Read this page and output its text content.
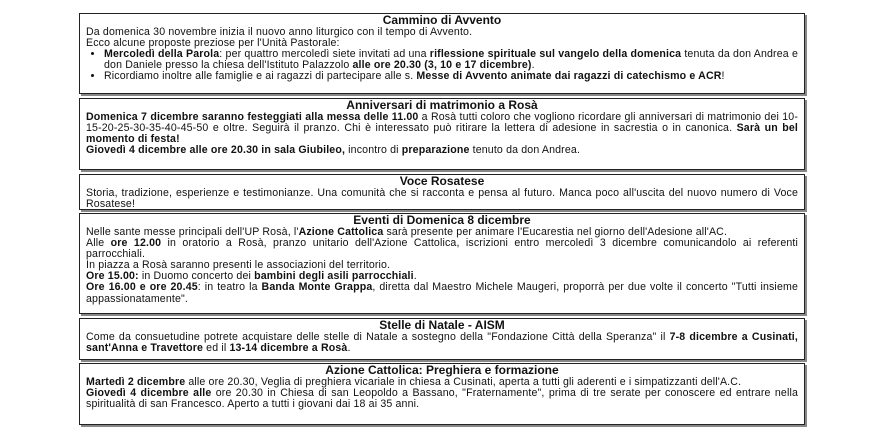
Cammino di Avvento

Da domenica 30 novembre inizia il nuovo anno liturgico con il tempo di Avvento.

Ecco alcune proposte preziose per l'Unità Pastorale:

• Mercoledì della Parola: per quattro mercoledì siete invitati ad una riflessione spirituale sul vangelo della domenica tenuta da don Andrea e don Daniele presso la chiesa dell'Istituto Palazzolo alle ore 20.30 (3, 10 e 17 dicembre).
• Ricordiamo inoltre alle famiglie e ai ragazzi di partecipare alle s. Messe di Avvento animate dai ragazzi di catechismo e ACR!
Anniversari di matrimonio a Rosà

Domenica 7 dicembre saranno festeggiati alla messa delle 11.00 a Rosà tutti coloro che vogliono ricordare gli anniversari di matrimonio dei 10-15-20-25-30-35-40-45-50 e oltre. Seguirà il pranzo. Chi è interessato può ritirare la lettera di adesione in sacrestia o in canonica. Sarà un bel momento di festa!

Giovedì 4 dicembre alle ore 20.30 in sala Giubileo, incontro di preparazione tenuto da don Andrea.

Voce Rosatese

Storia, tradizione, esperienze e testimonianze. Una comunità che si racconta e pensa al futuro. Manca poco all'uscita del nuovo numero di Voce Rosatese!

Eventi di Domenica 8 dicembre

Nelle sante messe principali dell'UP Rosà, l'Azione Cattolica sarà presente per animare l'Eucarestia nel giorno dell'Adesione all'AC.

Alle ore 12.00 in oratorio a Rosà, pranzo unitario dell'Azione Cattolica, iscrizioni entro mercoledì 3 dicembre comunicandolo ai referenti parrocchiali.

In piazza a Rosà saranno presenti le associazioni del territorio.

Ore 15.00: in Duomo concerto dei bambini degli asili parrocchiali.

Ore 16.00 e ore 20.45: in teatro la Banda Monte Grappa, diretta dal Maestro Michele Maugeri, proporrà per due volte il concerto "Tutti insieme appassionatamente".

Stelle di Natale - AISM

Come da consuetudine potrete acquistare delle stelle di Natale a sostegno della "Fondazione Città della Speranza" il 7-8 dicembre a Cusinati, sant'Anna e Travettore ed il 13-14 dicembre a Rosà.

Azione Cattolica: Preghiera e formazione

Martedì 2 dicembre alle ore 20.30, Veglia di preghiera vicariale in chiesa a Cusinati, aperta a tutti gli aderenti e i simpatizzanti dell'A.C.

Giovedì 4 dicembre alle ore 20.30 in Chiesa di san Leopoldo a Bassano, "Fraternamente", prima di tre serate per conoscere ed entrare nella spiritualità di san Francesco. Aperto a tutti i giovani dai 18 ai 35 anni.
